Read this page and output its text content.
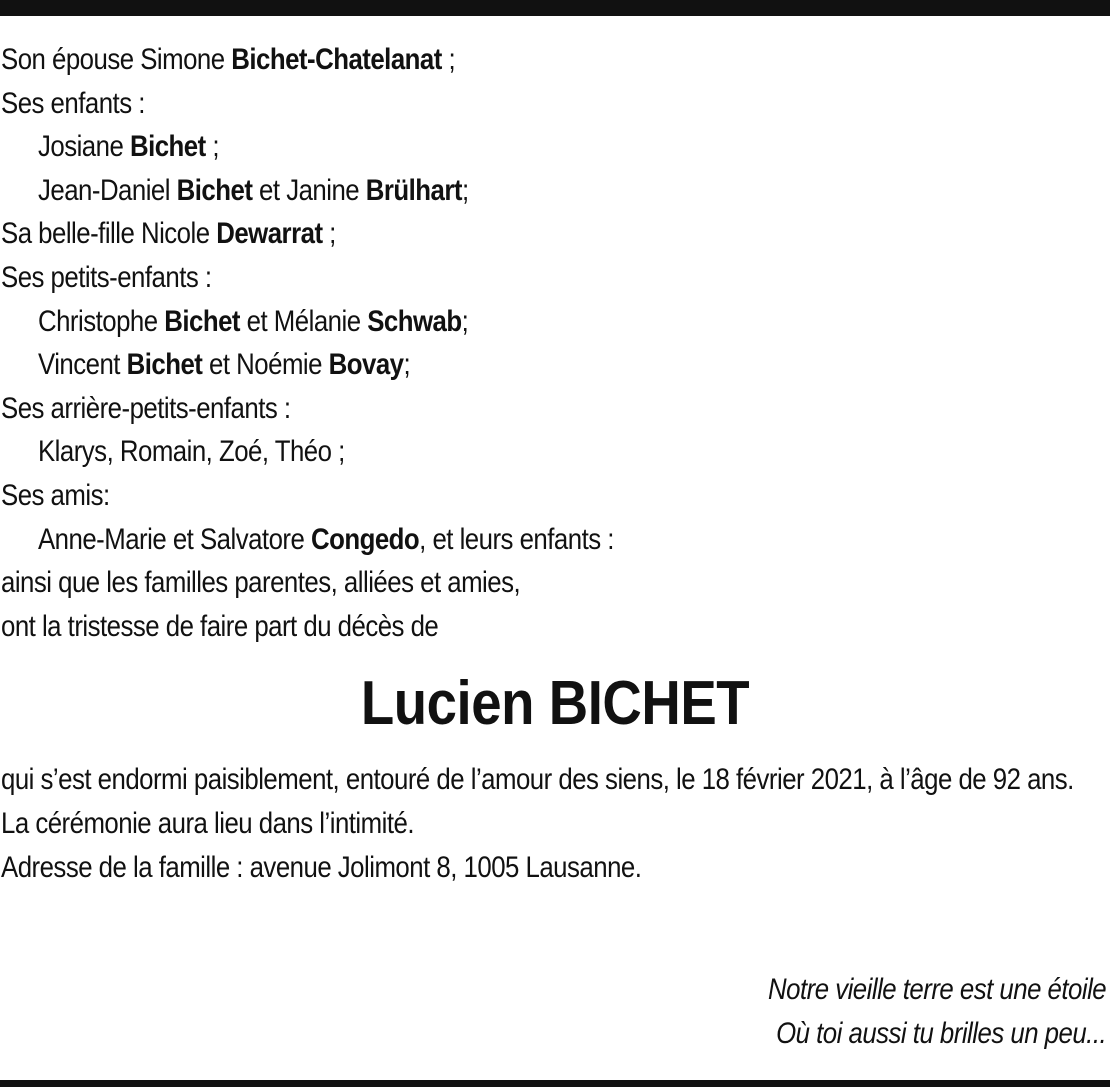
Son épouse Simone Bichet-Chatelanat ;
Ses enfants :
Josiane Bichet ;
Jean-Daniel Bichet et Janine Brülhart;
Sa belle-fille Nicole Dewarrat ;
Ses petits-enfants :
Christophe Bichet et Mélanie Schwab;
Vincent Bichet et Noémie Bovay;
Ses arrière-petits-enfants :
Klarys, Romain, Zoé, Théo ;
Ses amis:
Anne-Marie et Salvatore Congedo, et leurs enfants :
ainsi que les familles parentes, alliées et amies,
ont la tristesse de faire part du décès de
Lucien BICHET
qui s’est endormi paisiblement, entouré de l’amour des siens, le 18 février 2021, à l’âge de 92 ans.
La cérémonie aura lieu dans l’intimité.
Adresse de la famille : avenue Jolimont 8, 1005 Lausanne.
Notre vieille terre est une étoile
Où toi aussi tu brilles un peu...
